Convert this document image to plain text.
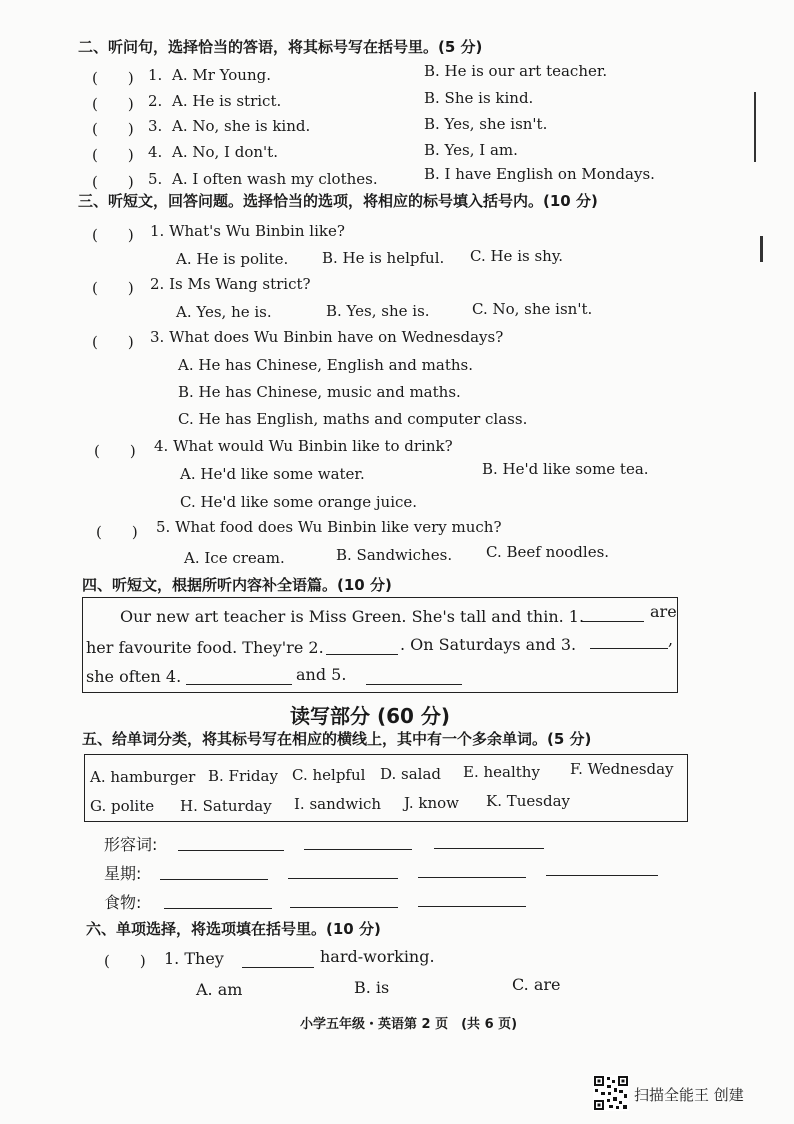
二、听问句，选择恰当的答语，将其标号写在括号里。(5 分)
(　　) 1. A. Mr Young.	B. He is our art teacher.
(　　) 2. A. He is strict.	B. She is kind.
(　　) 3. A. No, she is kind.	B. Yes, she isn't.
(　　) 4. A. No, I don't.	B. Yes, I am.
(　　) 5. A. I often wash my clothes.	B. I have English on Mondays.
三、听短文，回答问题。选择恰当的选项，将相应的标号填入括号内。(10 分)
(　　) 1. What's Wu Binbin like?
A. He is polite. B. He is helpful. C. He is shy.
(　　) 2. Is Ms Wang strict?
A. Yes, he is.	B. Yes, she is.	C. No, she isn't.
(　　) 3. What does Wu Binbin have on Wednesdays?
A. He has Chinese, English and maths.
B. He has Chinese, music and maths.
C. He has English, maths and computer class.
(　　) 4. What would Wu Binbin like to drink?
A. He'd like some water.	B. He'd like some tea.
C. He'd like some orange juice.
(　　) 5. What food does Wu Binbin like very much?
A. Ice cream.	B. Sandwiches. C. Beef noodles.
四、听短文，根据所听内容补全语篇。(10 分)
Our new art teacher is Miss Green. She's tall and thin. 1.	are
her favourite food. They're 2.	. On Saturdays and 3.	,
she often 4.	and 5.
读写部分 (60 分)
五、给单词分类，将其标号写在相应的横线上，其中有一个多余单词。(5 分)
A. hamburger B. Friday C. helpful D. salad E. healthy F. Wednesday
G. polite H. Saturday I. sandwich J. know K. Tuesday
形容词:
星期:
食物:
六、单项选择，将选项填在括号里。(10 分)
(　　) 1. They	hard-working.
A. am	B. is	C. are
小学五年级・英语第 2 页　(共 6 页)
扫描全能王 创建
